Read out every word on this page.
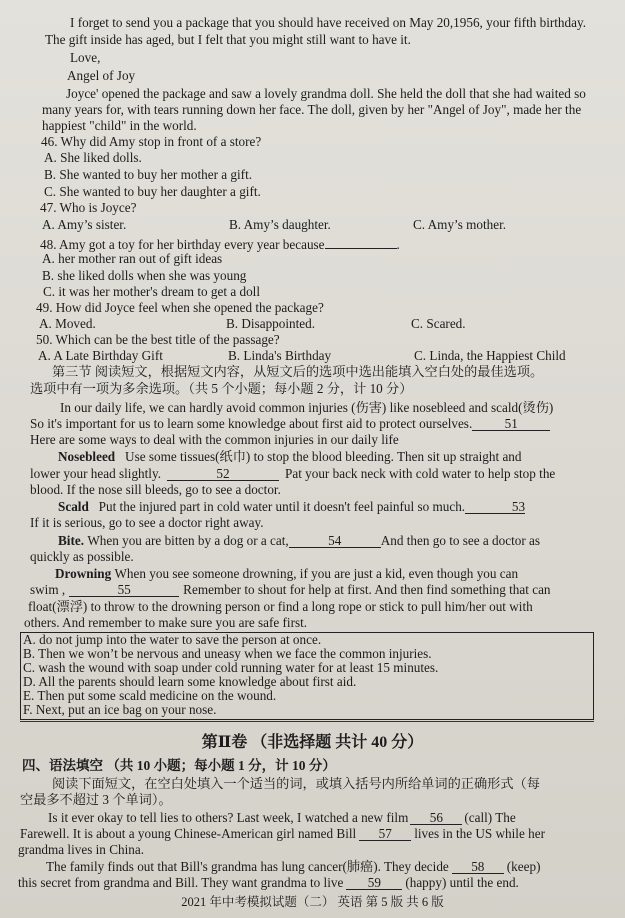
I forget to send you a package that you should have received on May 20,1956, your fifth birthday.
The gift inside has aged, but I felt that you might still want to have it.
Love,
Angel of Joy
Joyce' opened the package and saw a lovely grandma doll. She held the doll that she had waited so
many years for, with tears running down her face. The doll, given by her "Angel of Joy", made her the
happiest "child" in the world.
46. Why did Amy stop in front of a store?
A. She liked dolls.
B. She wanted to buy her mother a gift.
C. She wanted to buy her daughter a gift.
47. Who is Joyce?
A. Amy’s sister.	B. Amy’s daughter.	C. Amy’s mother.
48. Amy got a toy for her birthday every year because	.
A. her mother ran out of gift ideas
B. she liked dolls when she was young
C. it was her mother's dream to get a doll
49. How did Joyce feel when she opened the package?
A. Moved.	B. Disappointed.	C. Scared.
50. Which can be the best title of the passage?
A. A Late Birthday Gift	B. Linda's Birthday	C. Linda, the Happiest Child
第三节 阅读短文，根据短文内容，从短文后的选项中选出能填入空白处的最佳选项。
选项中有一项为多余选项。（共 5 个小题；每小题 2 分，计 10 分）
In our daily life, we can hardly avoid common injuries (伤害) like nosebleed and scald(烫伤)
So it's important for us to learn some knowledge about first aid to protect ourselves. 51
Here are some ways to deal with the common injuries in our daily life
Nosebleed Use some tissues(纸巾) to stop the blood bleeding. Then sit up straight and
lower your head slightly.	52	Pat your back neck with cold water to help stop the
blood. If the nose sill bleeds, go to see a doctor.
Scald Put the injured part in cold water until it doesn't feel painful so much.	53
If it is serious, go to see a doctor right away.
Bite. When you are bitten by a dog or a cat,	54	And then go to see a doctor as
quickly as possible.
Drowning When you see someone drowning, if you are just a kid, even though you can
swim ,	55	Remember to shout for help at first. And then find something that can
float(漂浮) to throw to the drowning person or find a long rope or stick to pull him/her out with
others. And remember to make sure you are safe first.
A. do not jump into the water to save the person at once.
B. Then we won’t be nervous and uneasy when we face the common injuries.
C. wash the wound with soap under cold running water for at least 15 minutes.
D. All the parents should learn some knowledge about first aid.
E. Then put some scald medicine on the wound.
F. Next, put an ice bag on your nose.
第Ⅱ卷 （非选择题 共计 40 分）
四、语法填空 （共 10 小题；每小题 1 分，计 10 分）
阅读下面短文，在空白处填入一个适当的词，或填入括号内所给单词的正确形式（每
空最多不超过 3 个单词）。
Is it ever okay to tell lies to others? Last week, I watched a new film 56 (call) The
Farewell. It is about a young Chinese-American girl named Bill 57 lives in the US while her
grandma lives in China.
The family finds out that Bill's grandma has lung cancer(肺癌). They decide 58 (keep)
this secret from grandma and Bill. They want grandma to live 59 (happy) until the end.
2021 年中考模拟试题（二） 英语 第 5 版 共 6 版
